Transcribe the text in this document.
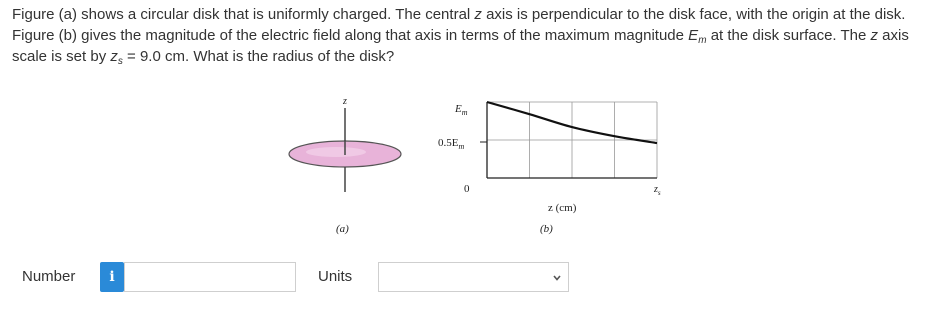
Figure (a) shows a circular disk that is uniformly charged. The central z axis is perpendicular to the disk face, with the origin at the disk. Figure (b) gives the magnitude of the electric field along that axis in terms of the maximum magnitude $E_m$ at the disk surface. The z axis scale is set by $z_s = 9.0$ cm. What is the radius of the disk?
z
(a)
$E_m$
$0.5E_m$
0	$z_s$
z (cm)
(b)
Number	i	Units
